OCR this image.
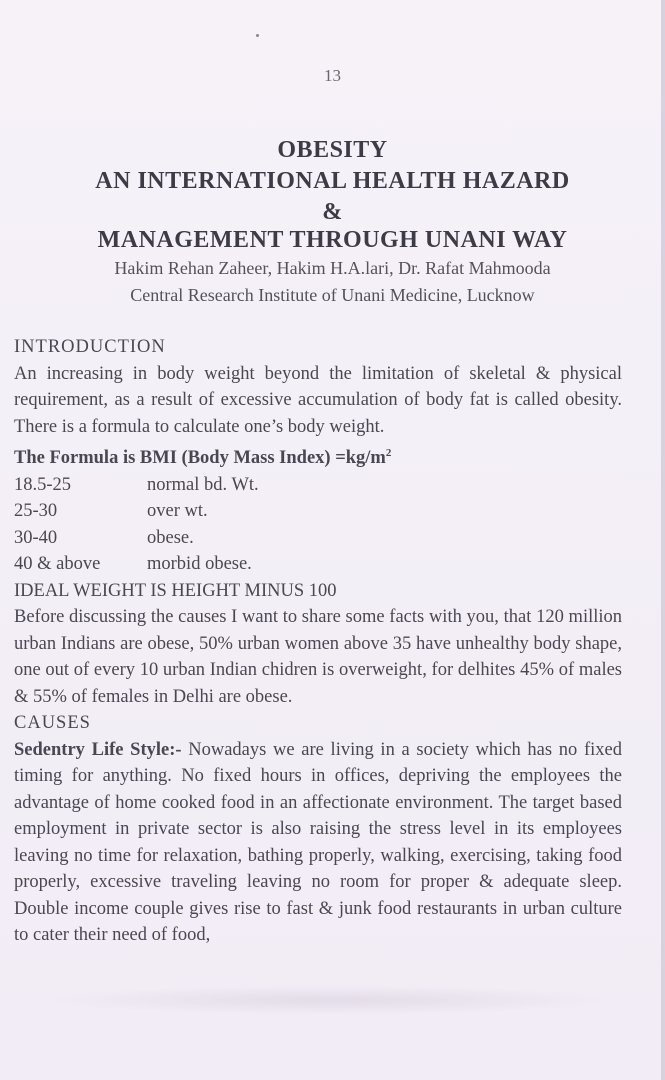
13
OBESITY
AN INTERNATIONAL HEALTH HAZARD
&
MANAGEMENT THROUGH UNANI WAY
Hakim Rehan Zaheer, Hakim H.A.lari, Dr. Rafat Mahmooda
Central Research Institute of Unani Medicine, Lucknow
INTRODUCTION

An increasing in body weight beyond the limitation of skeletal & physical requirement, as a result of excessive accumulation of body fat is called obesity. There is a formula to calculate one’s body weight.

The Formula is BMI (Body Mass Index) $=kg/m^2$
18.5-25	normal bd. Wt.
25-30	over wt.
30-40	obese.
40 & above	morbid obese.
IDEAL WEIGHT IS HEIGHT MINUS 100

Before discussing the causes I want to share some facts with you, that 120 million urban Indians are obese, 50% urban women above 35 have unhealthy body shape, one out of every 10 urban Indian chidren is overweight, for delhites 45% of males & 55% of females in Delhi are obese.

CAUSES

Sedentry Life Style:- Nowadays we are living in a society which has no fixed timing for anything. No fixed hours in offices, depriving the employees the advantage of home cooked food in an affectionate environment. The target based employment in private sector is also raising the stress level in its employees leaving no time for relaxation, bathing properly, walking, exercising, taking food properly, excessive traveling leaving no room for proper & adequate sleep. Double income couple gives rise to fast & junk food restaurants in urban culture to cater their need of food,
